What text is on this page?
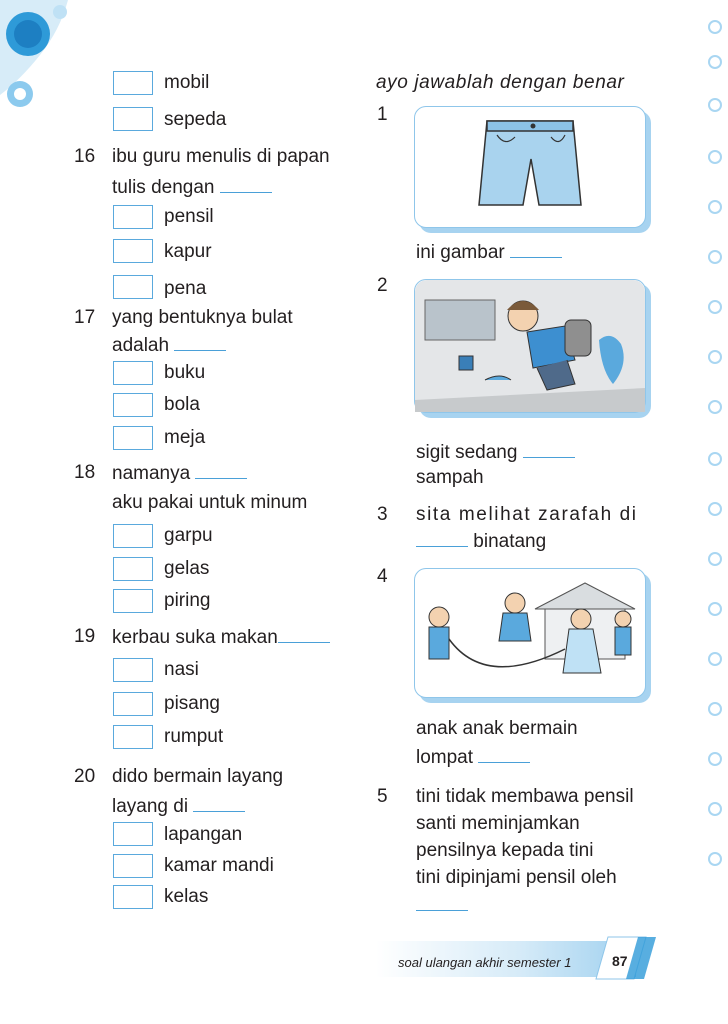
mobil
sepeda
16 ibu guru menulis di papan
tulis dengan
pensil
kapur
pena
17 yang bentuknya bulat
adalah
buku
bola
meja
18 namanya
aku pakai untuk minum
garpu
gelas
piring
19 kerbau suka makan
nasi
pisang
rumput
20 dido bermain layang
layang di
lapangan
kamar mandi
kelas
ayo jawablah dengan benar
1
ini gambar
2
sigit sedang
sampah
3 sita melihat zarafah di
binatang
4
anak anak bermain
lompat
5 tini tidak membawa pensil
santi meminjamkan
pensilnya kepada tini
tini dipinjami pensil oleh
soal ulangan akhir semester 1	87
